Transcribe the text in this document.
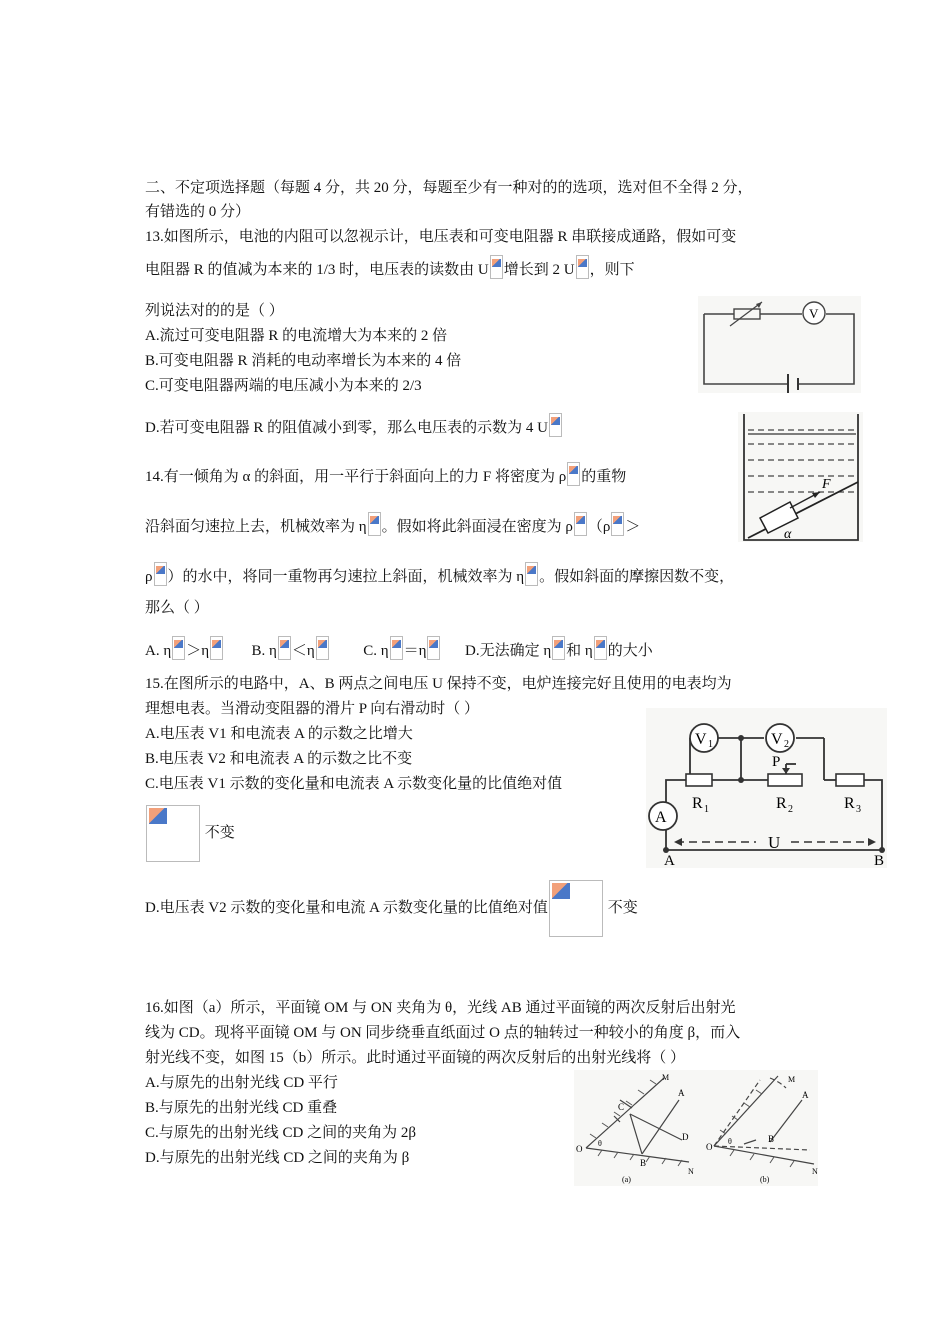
二、不定项选择题（每题 4 分，共 20 分，每题至少有一种对的的选项，选对但不全得 2 分，
有错选的 0 分）
13.如图所示，电池的内阻可以忽视示计，电压表和可变电阻器 R 串联接成通路，假如可变
电阻器 R 的值减为本来的 1/3 时，电压表的读数由 U 增长到 2 U ，则下
列说法对的的是（ ）
A.流过可变电阻器 R 的电流增大为本来的 2 倍
B.可变电阻器 R 消耗的电动率增长为本来的 4 倍
C.可变电阻器两端的电压减小为本来的 2/3
D.若可变电阻器 R 的阻值减小到零，那么电压表的示数为 4 U
V
14.有一倾角为 α 的斜面，用一平行于斜面向上的力 F 将密度为 ρ 的重物
沿斜面匀速拉上去，机械效率为 η 。假如将此斜面浸在密度为 ρ （ρ ＞
ρ ）的水中，将同一重物再匀速拉上斜面，机械效率为 η 。假如斜面的摩擦因数不变，
那么（ ）
A. η ＞η	B. η ＜η	C. η ＝η	D.无法确定 η 和 η 的大小
F
α
15.在图所示的电路中，A、B 两点之间电压 U 保持不变，电炉连接完好且使用的电表均为
理想电表。当滑动变阻器的滑片 P 向右滑动时（ ）
A.电压表 V1 和电流表 A 的示数之比增大
B.电压表 V2 和电流表 A 的示数之比不变
C.电压表 V1 示数的变化量和电流表 A 示数变化量的比值绝对值
不变
D.电压表 V2 示数的变化量和电流 A 示数变化量的比值绝对值	不变
V 1	V 2
P
R 1	R 2	R 3
A
A	B
U
16.如图（a）所示，平面镜 OM 与 ON 夹角为 θ，光线 AB 通过平面镜的两次反射后出射光
线为 CD。现将平面镜 OM 与 ON 同步绕垂直纸面过 O 点的轴转过一种较小的角度 β，而入
射光线不变，如图 15（b）所示。此时通过平面镜的两次反射后的出射光线将（ ）
A.与原先的出射光线 CD 平行
B.与原先的出射光线 CD 重叠
C.与原先的出射光线 CD 之间的夹角为 2β
D.与原先的出射光线 CD 之间的夹角为 β
O
M
N
A
B
C
D
θ
(a)
O
M
N
A
B
θ
(b)
